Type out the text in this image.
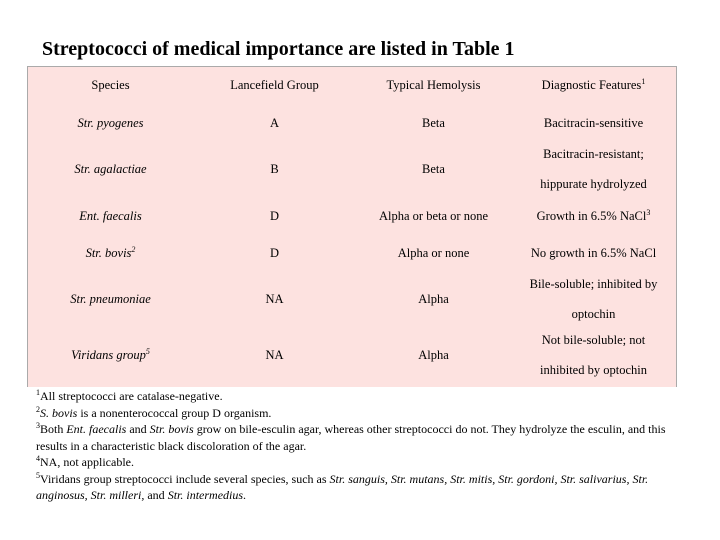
Streptococci of medical importance are listed in Table 1
Species	Lancefield Group	Typical Hemolysis	Diagnostic Features$^1$
Str. pyogenes	A	Beta	Bacitracin-sensitive
Str. agalactiae	B	Beta	Bacitracin-resistant;
hippurate hydrolyzed

Ent. faecalis	D	Alpha or beta or none	Growth in 6.5% NaCl$^3$
Str. bovis$^2$	D	Alpha or none	No growth in 6.5% NaCl
Str. pneumoniae	NA	Alpha	Bile-soluble; inhibited by
optochin

Viridans group$^5$	NA	Alpha	Not bile-soluble; not
inhibited by optochin

$^1$All streptococci are catalase-negative.

$^2$S. bovis is a nonenterococcal group D organism.

$^3$Both Ent. faecalis and Str. bovis grow on bile-esculin agar, whereas other streptococci do not. They hydrolyze the esculin, and this results in a characteristic black discoloration of the agar.

$^4$NA, not applicable.

$^5$Viridans group streptococci include several species, such as Str. sanguis, Str. mutans, Str. mitis, Str. gordoni, Str. salivarius, Str. anginosus, Str. milleri, and Str. intermedius.
